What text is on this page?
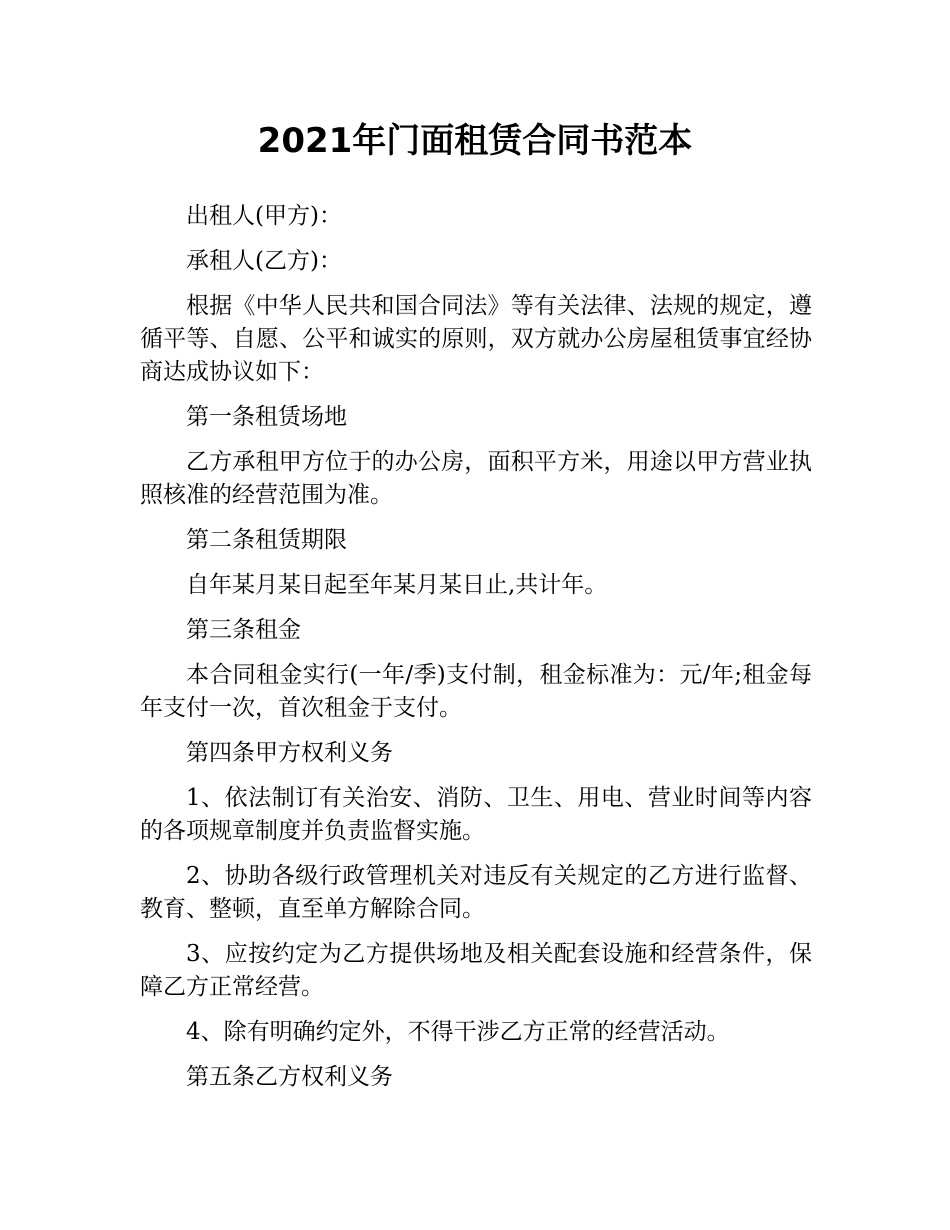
2021年门面租赁合同书范本

出租人(甲方)：

承租人(乙方)：

根据《中华人民共和国合同法》等有关法律、法规的规定，遵循平等、自愿、公平和诚实的原则，双方就办公房屋租赁事宜经协商达成协议如下：

第一条租赁场地

乙方承租甲方位于的办公房，面积平方米，用途以甲方营业执照核准的经营范围为准。

第二条租赁期限

自年某月某日起至年某月某日止,共计年。

第三条租金

本合同租金实行(一年/季)支付制，租金标准为：元/年;租金每年支付一次，首次租金于支付。

第四条甲方权利义务

1、依法制订有关治安、消防、卫生、用电、营业时间等内容的各项规章制度并负责监督实施。

2、协助各级行政管理机关对违反有关规定的乙方进行监督、教育、整顿，直至单方解除合同。

3、应按约定为乙方提供场地及相关配套设施和经营条件，保障乙方正常经营。

4、除有明确约定外，不得干涉乙方正常的经营活动。

第五条乙方权利义务
